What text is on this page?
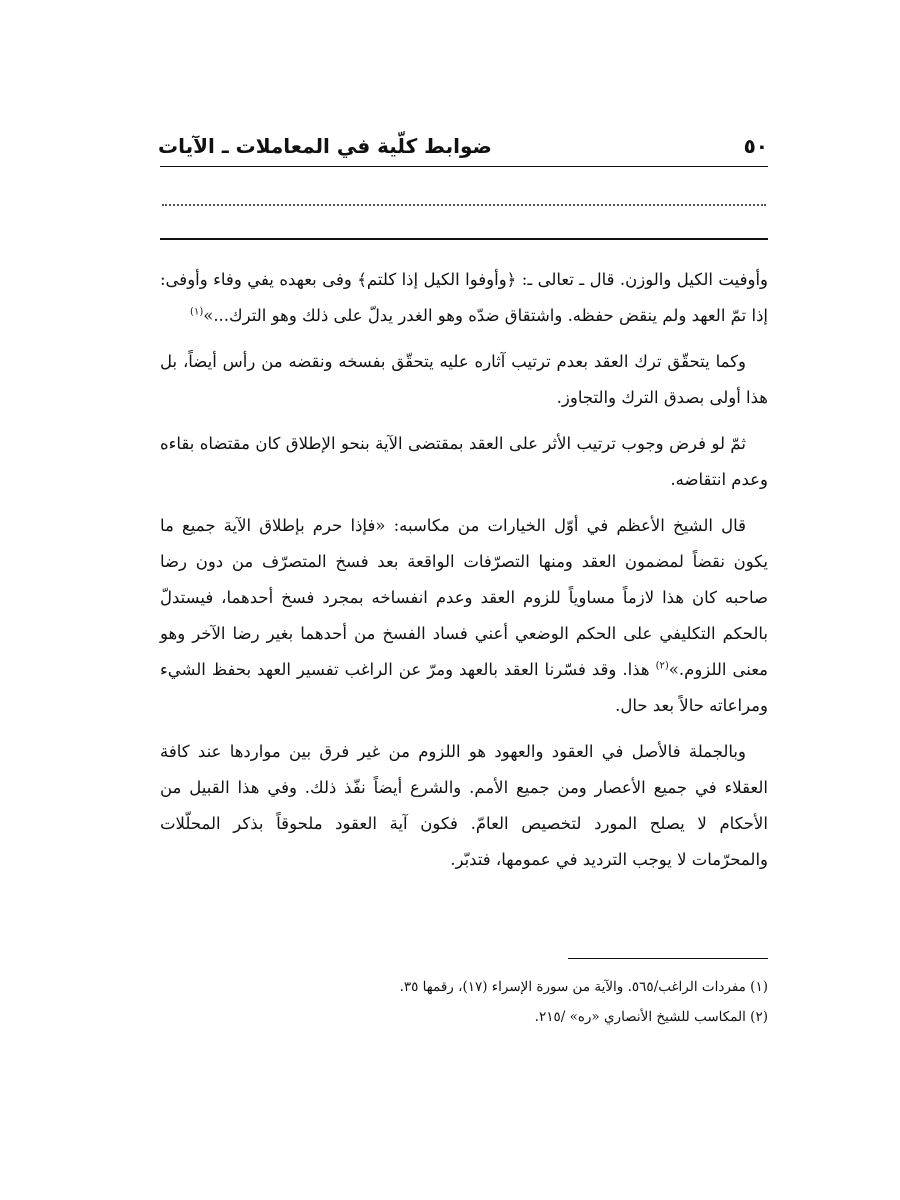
٥٠
ضوابط كلّية في المعاملات ـ الآيات

وأوفيت الكيل والوزن. قال ـ تعالى ـ: ﴿وأوفوا الكيل إذا كلتم﴾ وفى بعهده يفي وفاء وأوفى: إذا تمّ العهد ولم ينقض حفظه. واشتقاق ضدّه وهو الغدر يدلّ على ذلك وهو الترك...»$^{(١)}$

وكما يتحقّق ترك العقد بعدم ترتيب آثاره عليه يتحقّق بفسخه ونقضه من رأس أيضاً، بل هذا أولى بصدق الترك والتجاوز.

ثمّ لو فرض وجوب ترتيب الأثر على العقد بمقتضى الآية بنحو الإطلاق كان مقتضاه بقاءه وعدم انتقاضه.

قال الشيخ الأعظم في أوّل الخيارات من مكاسبه: «فإذا حرم بإطلاق الآية جميع ما يكون نقضاً لمضمون العقد ومنها التصرّفات الواقعة بعد فسخ المتصرّف من دون رضا صاحبه كان هذا لازماً مساوياً للزوم العقد وعدم انفساخه بمجرد فسخ أحدهما، فيستدلّ بالحكم التكليفي على الحكم الوضعي أعني فساد الفسخ من أحدهما بغير رضا الآخر وهو معنى اللزوم.»$^{(٢)}$ هذا. وقد فسّرنا العقد بالعهد ومرّ عن الراغب تفسير العهد بحفظ الشيء ومراعاته حالاً بعد حال.

وبالجملة فالأصل في العقود والعهود هو اللزوم من غير فرق بين مواردها عند كافة العقلاء في جميع الأعصار ومن جميع الأمم. والشرع أيضاً نفّذ ذلك. وفي هذا القبيل من الأحكام لا يصلح المورد لتخصيص العامّ. فكون آية العقود ملحوقاً بذكر المحلّلات والمحرّمات لا يوجب الترديد في عمومها، فتدبّر.

(١) مفردات الراغب/٥٦٥. والآية من سورة الإسراء (١٧)، رقمها ٣٥.

(٢) المكاسب للشيخ الأنصاري «ره» /٢١٥.
